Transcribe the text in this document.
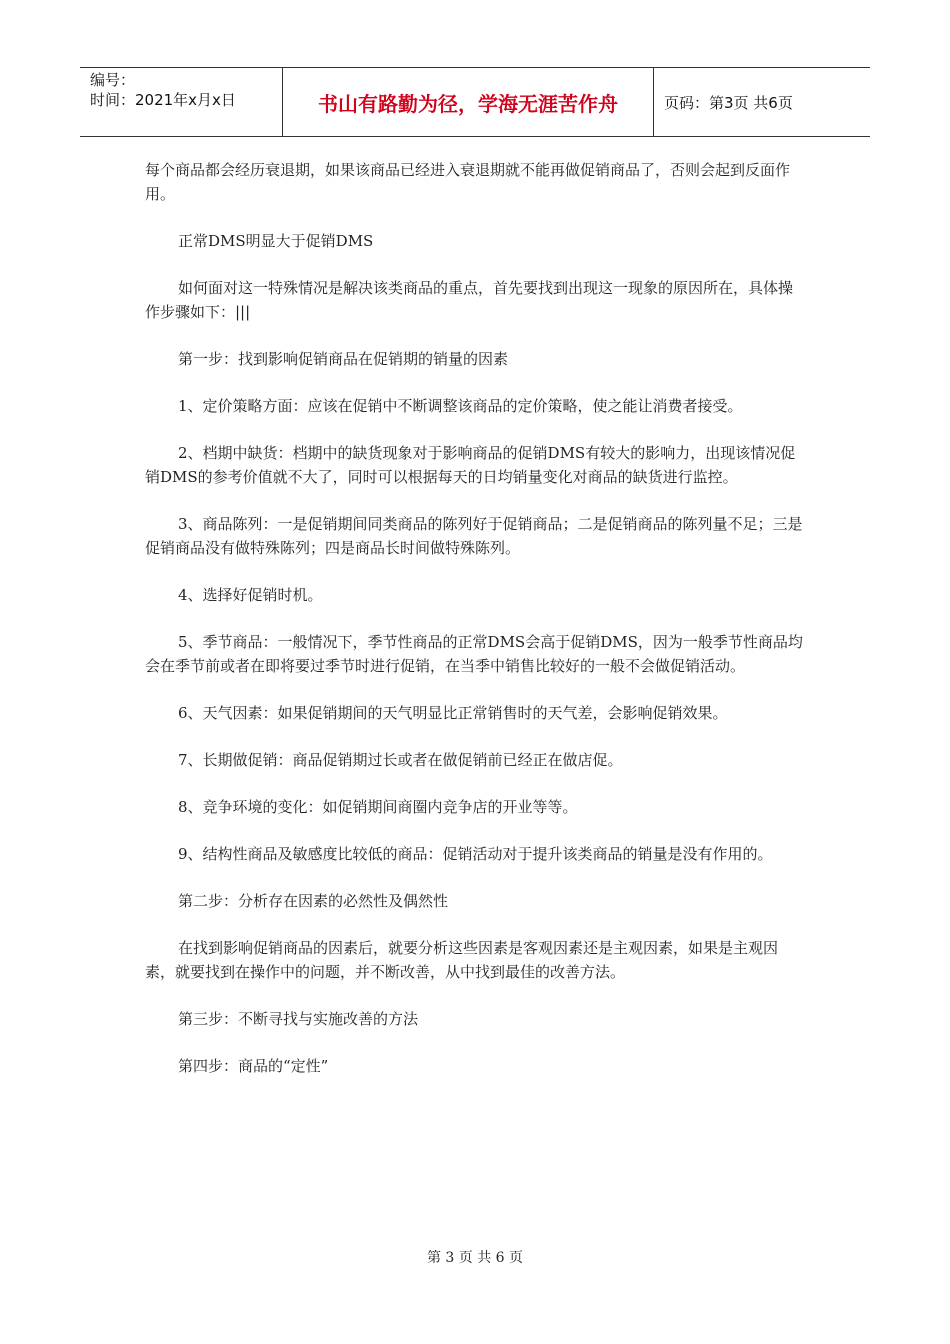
编号：
时间：2021年x月x日	书山有路勤为径，学海无涯苦作舟	页码：第3页 共6页

每个商品都会经历衰退期，如果该商品已经进入衰退期就不能再做促销商品了，否则会起到反面作用。

正常DMS明显大于促销DMS

如何面对这一特殊情况是解决该类商品的重点，首先要找到出现这一现象的原因所在，具体操作步骤如下：|||

第一步：找到影响促销商品在促销期的销量的因素

1、定价策略方面：应该在促销中不断调整该商品的定价策略，使之能让消费者接受。

2、档期中缺货：档期中的缺货现象对于影响商品的促销DMS有较大的影响力，出现该情况促销DMS的参考价值就不大了，同时可以根据每天的日均销量变化对商品的缺货进行监控。

3、商品陈列：一是促销期间同类商品的陈列好于促销商品；二是促销商品的陈列量不足；三是促销商品没有做特殊陈列；四是商品长时间做特殊陈列。

4、选择好促销时机。

5、季节商品：一般情况下，季节性商品的正常DMS会高于促销DMS，因为一般季节性商品均会在季节前或者在即将要过季节时进行促销，在当季中销售比较好的一般不会做促销活动。

6、天气因素：如果促销期间的天气明显比正常销售时的天气差，会影响促销效果。

7、长期做促销：商品促销期过长或者在做促销前已经正在做店促。

8、竞争环境的变化：如促销期间商圈内竞争店的开业等等。

9、结构性商品及敏感度比较低的商品：促销活动对于提升该类商品的销量是没有作用的。

第二步：分析存在因素的必然性及偶然性

在找到影响促销商品的因素后，就要分析这些因素是客观因素还是主观因素，如果是主观因素，就要找到在操作中的问题，并不断改善，从中找到最佳的改善方法。

第三步：不断寻找与实施改善的方法

第四步：商品的“定性”

第 3 页 共 6 页
